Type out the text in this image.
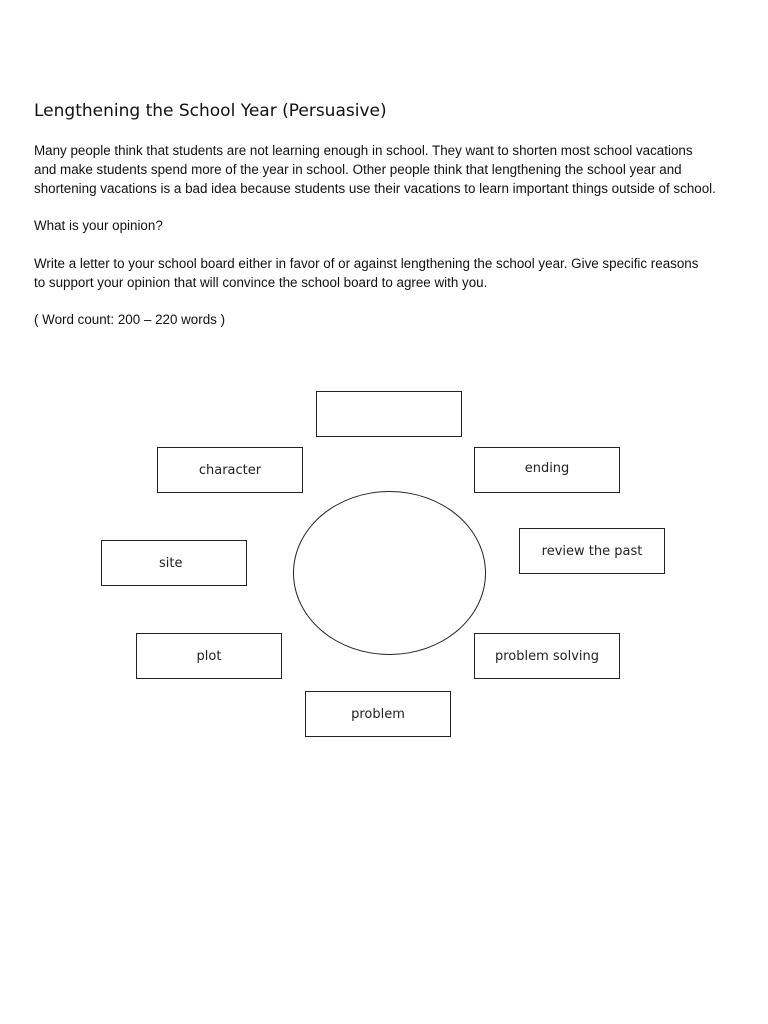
Lengthening the School Year (Persuasive)
Many people think that students are not learning enough in school. They want to shorten most school vacations
and make students spend more of the year in school. Other people think that lengthening the school year and
shortening vacations is a bad idea because students use their vacations to learn important things outside of school.

What is your opinion?

Write a letter to your school board either in favor of or against lengthening the school year. Give specific reasons
to support your opinion that will convince the school board to agree with you.

( Word count: 200 – 220 words )

character	ending
review the past
site
plot	problem solving
problem
